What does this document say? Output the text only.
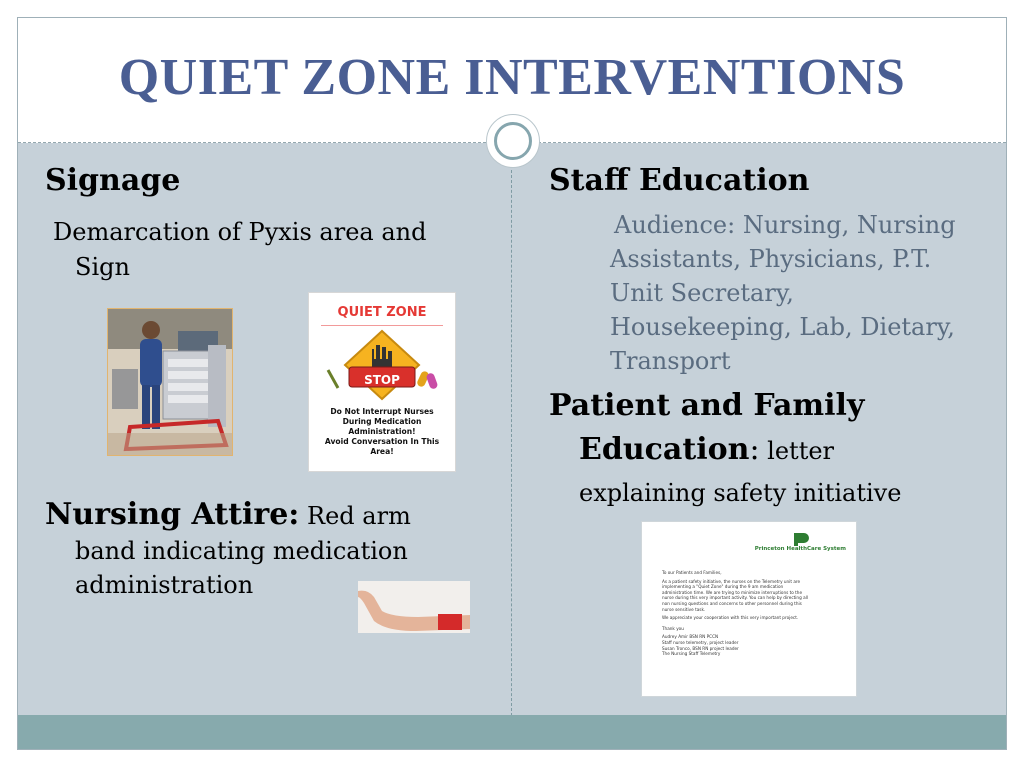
QUIET ZONE INTERVENTIONS
Signage
Demarcation of Pyxis area and
Sign
QUIET ZONE
STOP
Do Not Interrupt Nurses
During Medication
Administration!
Avoid Conversation In This
Area!
Nursing Attire: Red arm
band indicating medication
administration
Staff Education
Audience: Nursing, Nursing
Assistants, Physicians, P.T.
Unit Secretary,
Housekeeping, Lab, Dietary,
Transport
Patient and Family
Education: letter
explaining safety initiative
Princeton HealthCare System
To our Patients and Families,
As a patient safety initiative, the nurses on the Telemetry unit are
implementing a "Quiet Zone" during the 9 am medication
administration time. We are trying to minimize interruptions to the
nurse during this very important activity. You can help by directing all
non nursing questions and concerns to other personnel during this
nurse sensitive task.
We appreciate your cooperation with this very important project.
Thank you
Audrey Amir BSN RN PCCN
Staff nurse telemetry, project leader
Susan Tronco, BSN RN project leader
The Nursing Staff Telemetry
